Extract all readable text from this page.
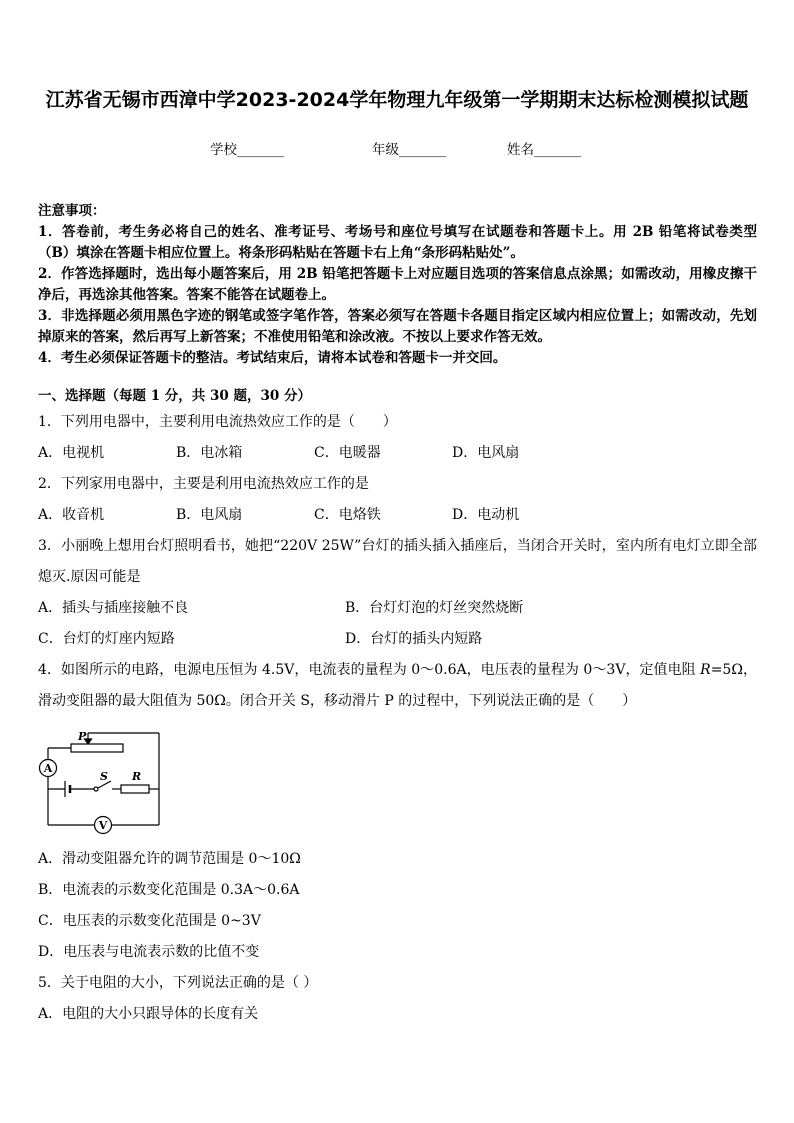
江苏省无锡市西漳中学2023-2024学年物理九年级第一学期期末达标检测模拟试题
学校_______	年级_______	姓名_______
注意事项：
1．答卷前，考生务必将自己的姓名、准考证号、考场号和座位号填写在试题卷和答题卡上。用 2B 铅笔将试卷类型（B）填涂在答题卡相应位置上。将条形码粘贴在答题卡右上角“条形码粘贴处”。
2．作答选择题时，选出每小题答案后，用 2B 铅笔把答题卡上对应题目选项的答案信息点涂黑；如需改动，用橡皮擦干净后，再选涂其他答案。答案不能答在试题卷上。
3．非选择题必须用黑色字迹的钢笔或签字笔作答，答案必须写在答题卡各题目指定区域内相应位置上；如需改动，先划掉原来的答案，然后再写上新答案；不准使用铅笔和涂改液。不按以上要求作答无效。
4．考生必须保证答题卡的整洁。考试结束后，请将本试卷和答题卡一并交回。
一、选择题（每题 1 分，共 30 题，30 分）
1．下列用电器中，主要利用电流热效应工作的是（　　）
A．电视机	B．电冰箱	C．电暖器	D．电风扇
2．下列家用电器中，主要是利用电流热效应工作的是
A．收音机	B．电风扇	C．电烙铁	D．电动机
3．小丽晚上想用台灯照明看书，她把“220V 25W”台灯的插头插入插座后，当闭合开关时，室内所有电灯立即全部熄灭.原因可能是
A．插头与插座接触不良	B．台灯灯泡的灯丝突然烧断
C．台灯的灯座内短路	D．台灯的插头内短路
4．如图所示的电路，电源电压恒为 4.5V，电流表的量程为 0～0.6A，电压表的量程为 0～3V，定值电阻 R=5Ω，滑动变阻器的最大阻值为 50Ω。闭合开关 S，移动滑片 P 的过程中，下列说法正确的是（　　）
P
A
S R
V
A．滑动变阻器允许的调节范围是 0～10Ω
B．电流表的示数变化范围是 0.3A～0.6A
C．电压表的示数变化范围是 0~3V
D．电压表与电流表示数的比值不变
5．关于电阻的大小，下列说法正确的是（ ）
A．电阻的大小只跟导体的长度有关
